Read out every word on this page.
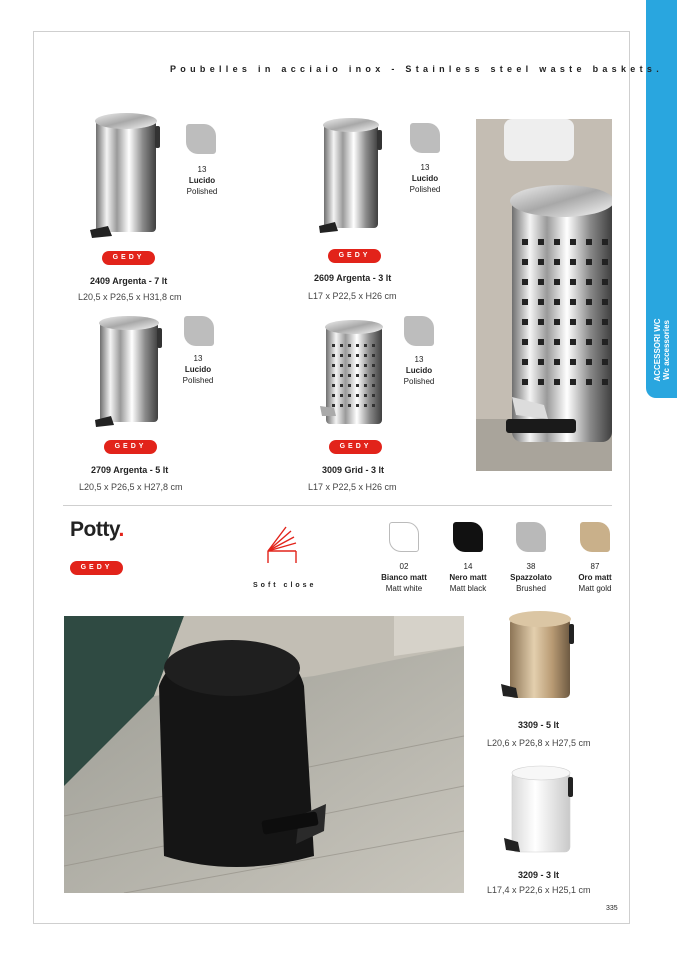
ACCESSORI WC
Wc accessories
Poubelles in acciaio inox - Stainless steel waste baskets.
13
Lucido
Polished
GEDY
2409 Argenta - 7 lt
L20,5 x P26,5 x H31,8 cm
13
Lucido
Polished
GEDY
2609 Argenta - 3 lt
L17 x P22,5 x H26 cm
13
Lucido
Polished
GEDY
2709 Argenta - 5 lt
L20,5 x P26,5 x H27,8 cm
13
Lucido
Polished
GEDY
3009 Grid - 3 lt
L17 x P22,5 x H26 cm
Potty.
GEDY
Soft close
02
Bianco matt
Matt white
14
Nero matt
Matt black
38
Spazzolato
Brushed
87
Oro matt
Matt gold
3309 - 5 lt
L20,6 x P26,8 x H27,5 cm
3209 - 3 lt
L17,4 x P22,6 x H25,1 cm
335
